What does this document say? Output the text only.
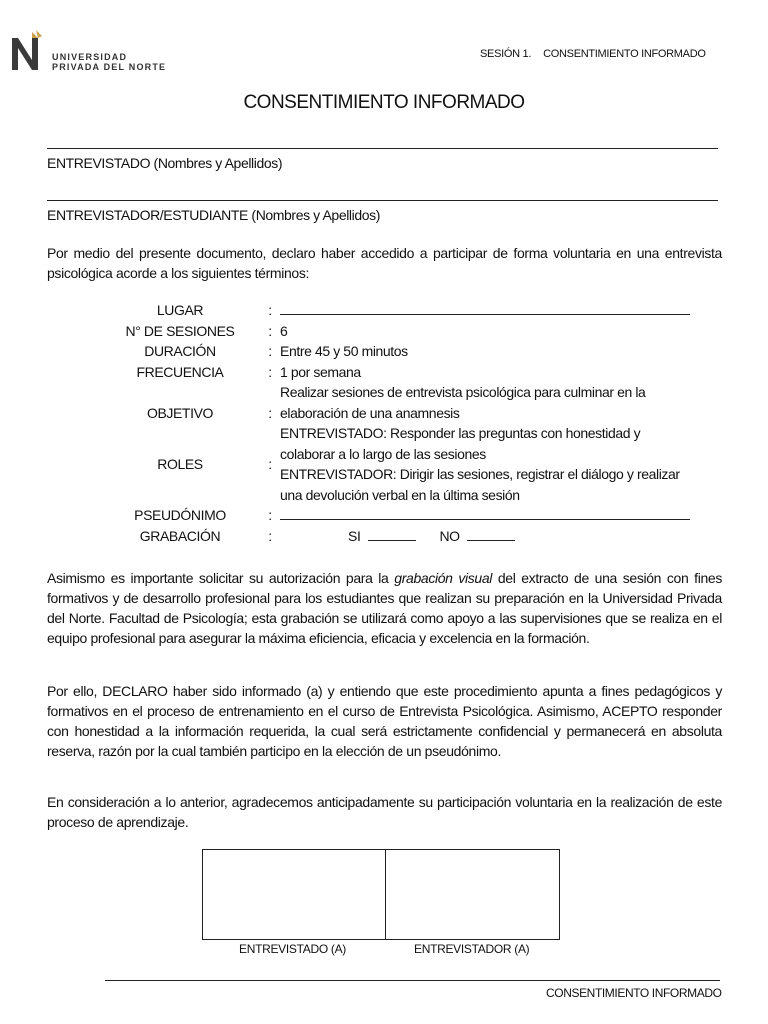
UNIVERSIDAD
PRIVADA DEL NORTE
SESIÓN 1. CONSENTIMIENTO INFORMADO
CONSENTIMIENTO INFORMADO
ENTREVISTADO (Nombres y Apellidos)
ENTREVISTADOR/ESTUDIANTE (Nombres y Apellidos)
Por medio del presente documento, declaro haber accedido a participar de forma voluntaria en una entrevista psicológica acorde a los siguientes términos:
LUGAR	:	
N° DE SESIONES	:	6
DURACIÓN	:	Entre 45 y 50 minutos
FRECUENCIA	:	1 por semana
OBJETIVO	:	Realizar sesiones de entrevista psicológica para culminar en la elaboración de una anamnesis
ROLES	:	ENTREVISTADO: Responder las preguntas con honestidad y colaborar a lo largo de las sesiones
ENTREVISTADOR: Dirigir las sesiones, registrar el diálogo y realizar una devolución verbal en la última sesión

PSEUDÓNIMO	:	
GRABACIÓN	:	SI NO
Asimismo es importante solicitar su autorización para la grabación visual del extracto de una sesión con fines formativos y de desarrollo profesional para los estudiantes que realizan su preparación en la Universidad Privada del Norte. Facultad de Psicología; esta grabación se utilizará como apoyo a las supervisiones que se realiza en el equipo profesional para asegurar la máxima eficiencia, eficacia y excelencia en la formación.
Por ello, DECLARO haber sido informado (a) y entiendo que este procedimiento apunta a fines pedagógicos y formativos en el proceso de entrenamiento en el curso de Entrevista Psicológica. Asimismo, ACEPTO responder con honestidad a la información requerida, la cual será estrictamente confidencial y permanecerá en absoluta reserva, razón por la cual también participo en la elección de un pseudónimo.
En consideración a lo anterior, agradecemos anticipadamente su participación voluntaria en la realización de este proceso de aprendizaje.
ENTREVISTADO (A)	ENTREVISTADOR (A)
CONSENTIMIENTO INFORMADO
